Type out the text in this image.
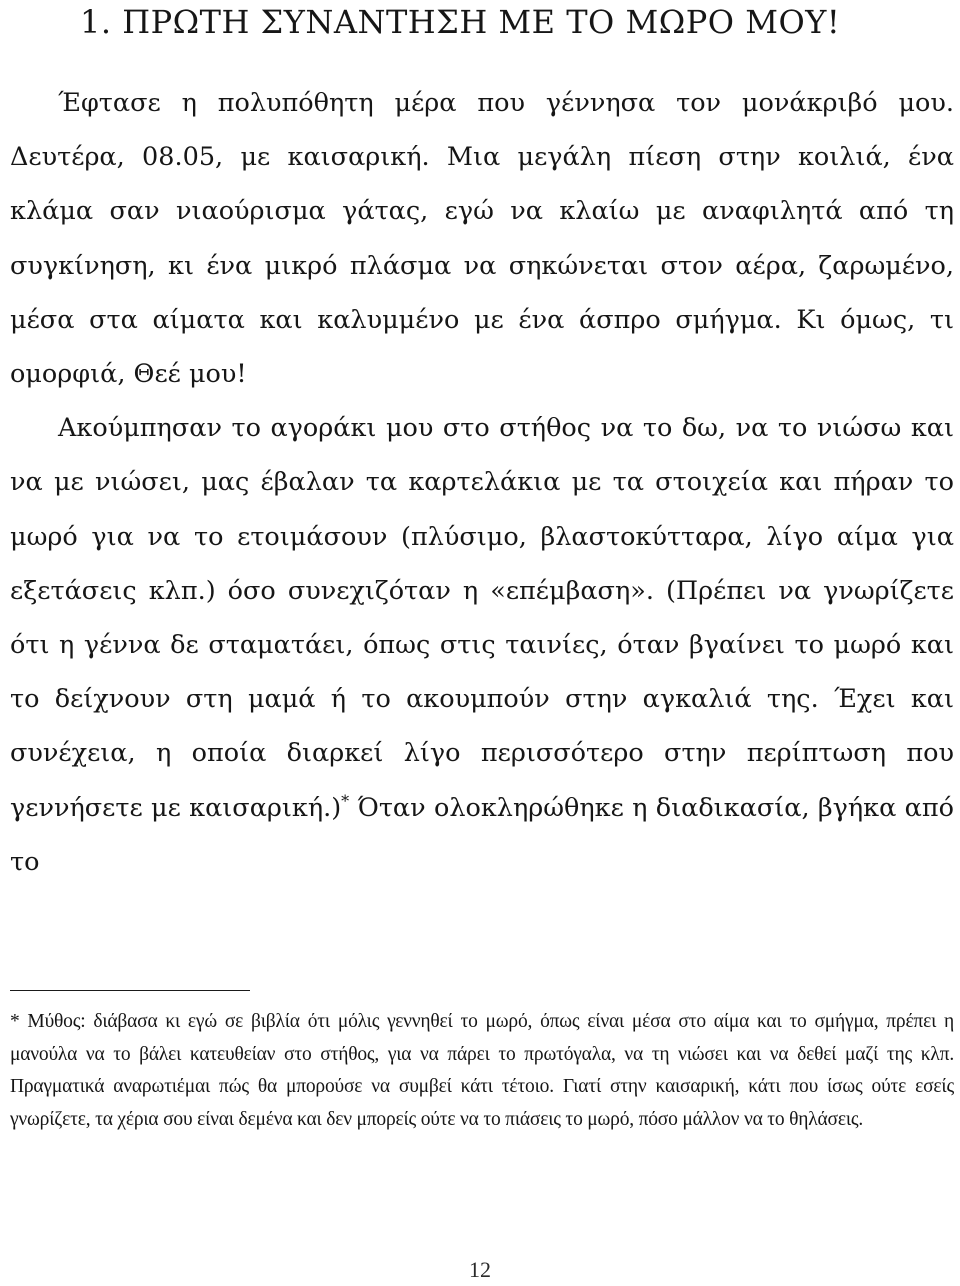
1. ΠΡΩΤΗ ΣΥΝΑΝΤΗΣΗ ΜΕ ΤΟ ΜΩΡΟ ΜΟΥ!

Έφτασε η πολυπόθητη μέρα που γέννησα τον μονάκριβό μου. Δευτέρα, 08.05, με καισαρική. Μια μεγάλη πίεση στην κοιλιά, ένα κλάμα σαν νιαούρισμα γάτας, εγώ να κλαίω με αναφιλητά από τη συγκίνηση, κι ένα μικρό πλάσμα να σηκώνεται στον αέρα, ζαρωμένο, μέσα στα αίματα και καλυμμένο με ένα άσπρο σμήγμα. Κι όμως, τι ομορφιά, Θεέ μου!

Ακούμπησαν το αγοράκι μου στο στήθος να το δω, να το νιώσω και να με νιώσει, μας έβαλαν τα καρτελάκια με τα στοιχεία και πήραν το μωρό για να το ετοιμάσουν (πλύσιμο, βλαστοκύτταρα, λίγο αίμα για εξετάσεις κλπ.) όσο συνεχιζόταν η «επέμβαση». (Πρέπει να γνωρίζετε ότι η γέννα δε σταματάει, όπως στις ταινίες, όταν βγαίνει το μωρό και το δείχνουν στη μαμά ή το ακουμπούν στην αγκαλιά της. Έχει και συνέχεια, η οποία διαρκεί λίγο περισσότερο στην περίπτωση που γεννήσετε με καισαρική.)* Όταν ολοκληρώθηκε η διαδικασία, βγήκα από το

* Μύθος: διάβασα κι εγώ σε βιβλία ότι μόλις γεννηθεί το μωρό, όπως είναι μέσα στο αίμα και το σμήγμα, πρέπει η μανούλα να το βάλει κατευθείαν στο στήθος, για να πάρει το πρωτόγαλα, να τη νιώσει και να δεθεί μαζί της κλπ. Πραγματικά αναρωτιέμαι πώς θα μπορούσε να συμβεί κάτι τέτοιο. Γιατί στην καισαρική, κάτι που ίσως ούτε εσείς γνωρίζετε, τα χέρια σου είναι δεμένα και δεν μπορείς ούτε να το πιάσεις το μωρό, πόσο μάλλον να το θηλάσεις.
12
